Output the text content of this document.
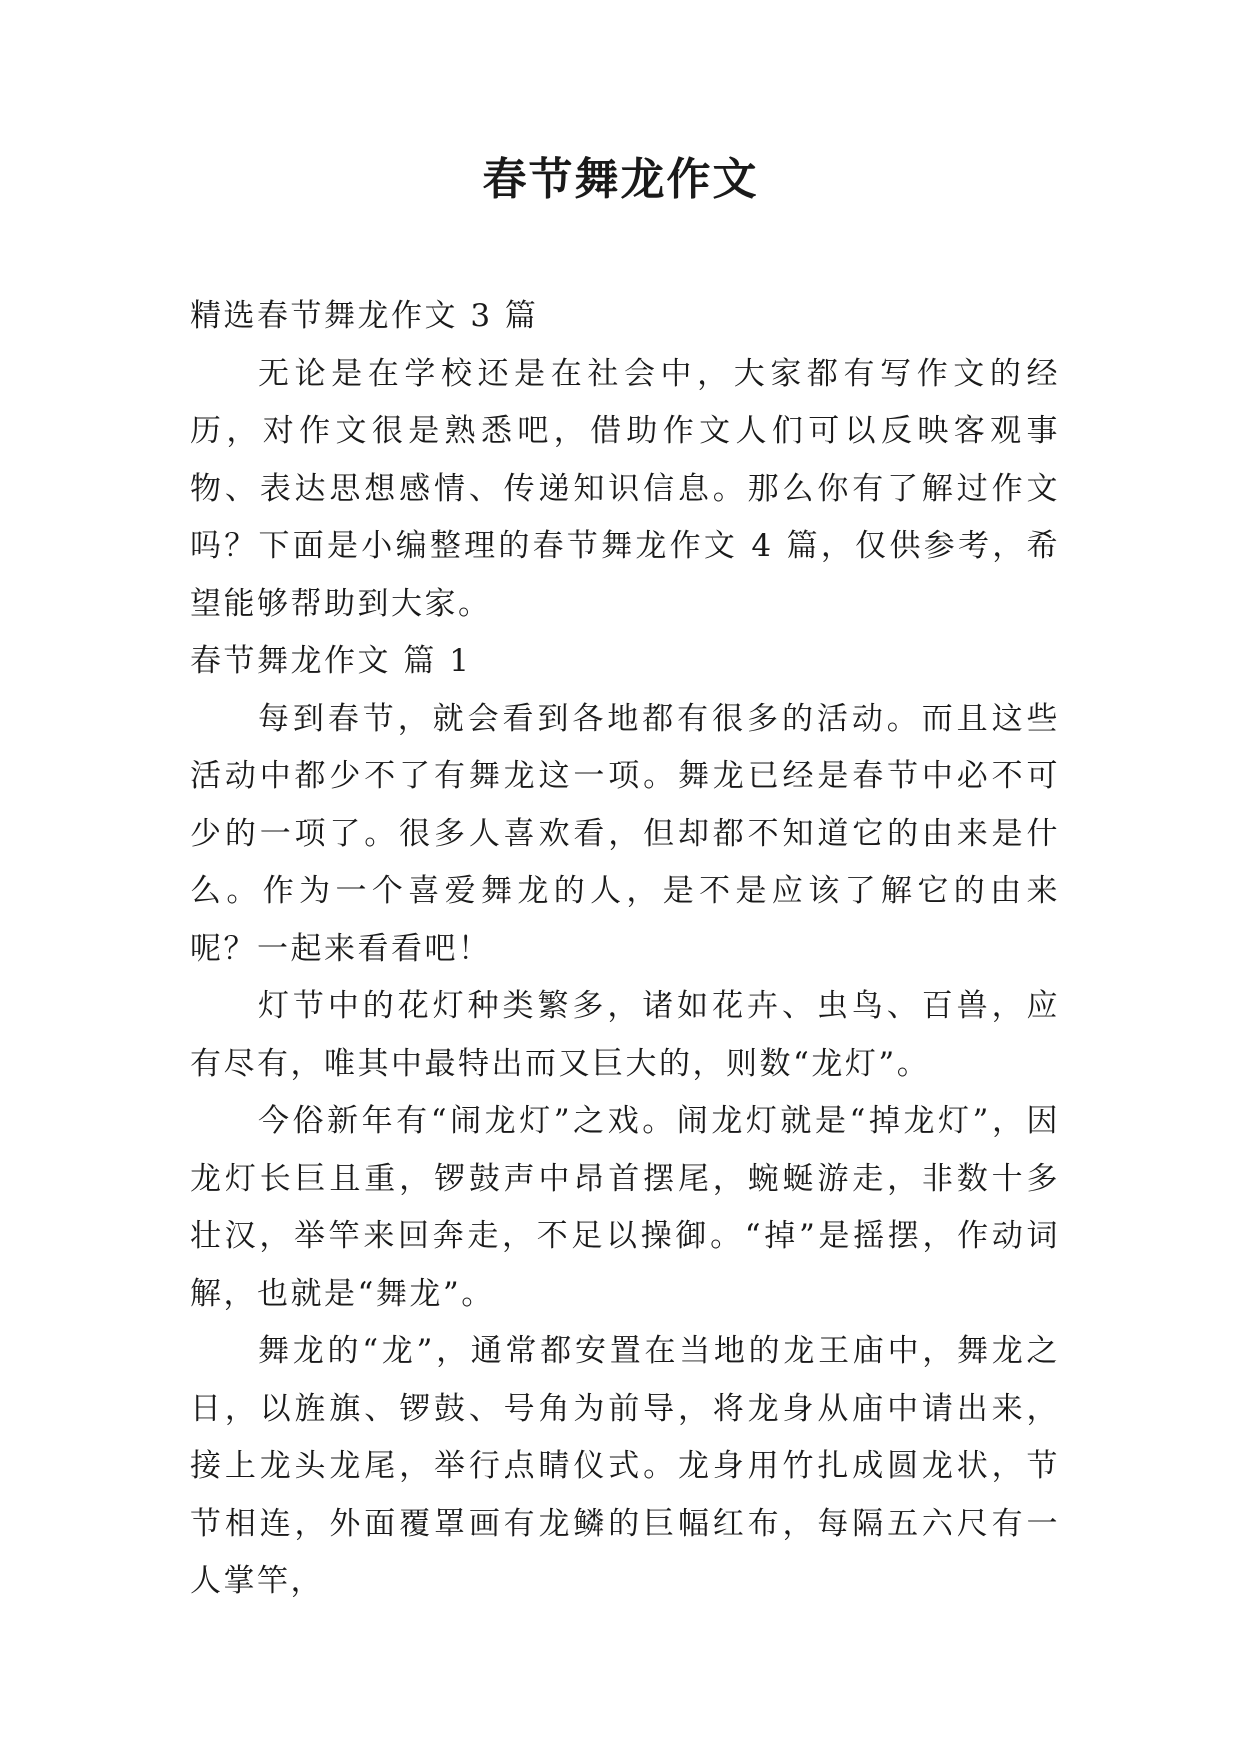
春节舞龙作文

精选春节舞龙作文 3 篇

无论是在学校还是在社会中，大家都有写作文的经历，对作文很是熟悉吧，借助作文人们可以反映客观事物、表达思想感情、传递知识信息。那么你有了解过作文吗？下面是小编整理的春节舞龙作文 4 篇，仅供参考，希望能够帮助到大家。

春节舞龙作文 篇 1

每到春节，就会看到各地都有很多的活动。而且这些活动中都少不了有舞龙这一项。舞龙已经是春节中必不可少的一项了。很多人喜欢看，但却都不知道它的由来是什么。作为一个喜爱舞龙的人，是不是应该了解它的由来呢？一起来看看吧！

灯节中的花灯种类繁多，诸如花卉、虫鸟、百兽，应有尽有，唯其中最特出而又巨大的，则数“龙灯”。

今俗新年有“闹龙灯”之戏。闹龙灯就是“掉龙灯”，因龙灯长巨且重，锣鼓声中昂首摆尾，蜿蜒游走，非数十多壮汉，举竿来回奔走，不足以操御。“掉”是摇摆，作动词解，也就是“舞龙”。

舞龙的“龙”，通常都安置在当地的龙王庙中，舞龙之日，以旌旗、锣鼓、号角为前导，将龙身从庙中请出来，接上龙头龙尾，举行点睛仪式。龙身用竹扎成圆龙状，节节相连，外面覆罩画有龙鳞的巨幅红布，每隔五六尺有一人掌竿，
